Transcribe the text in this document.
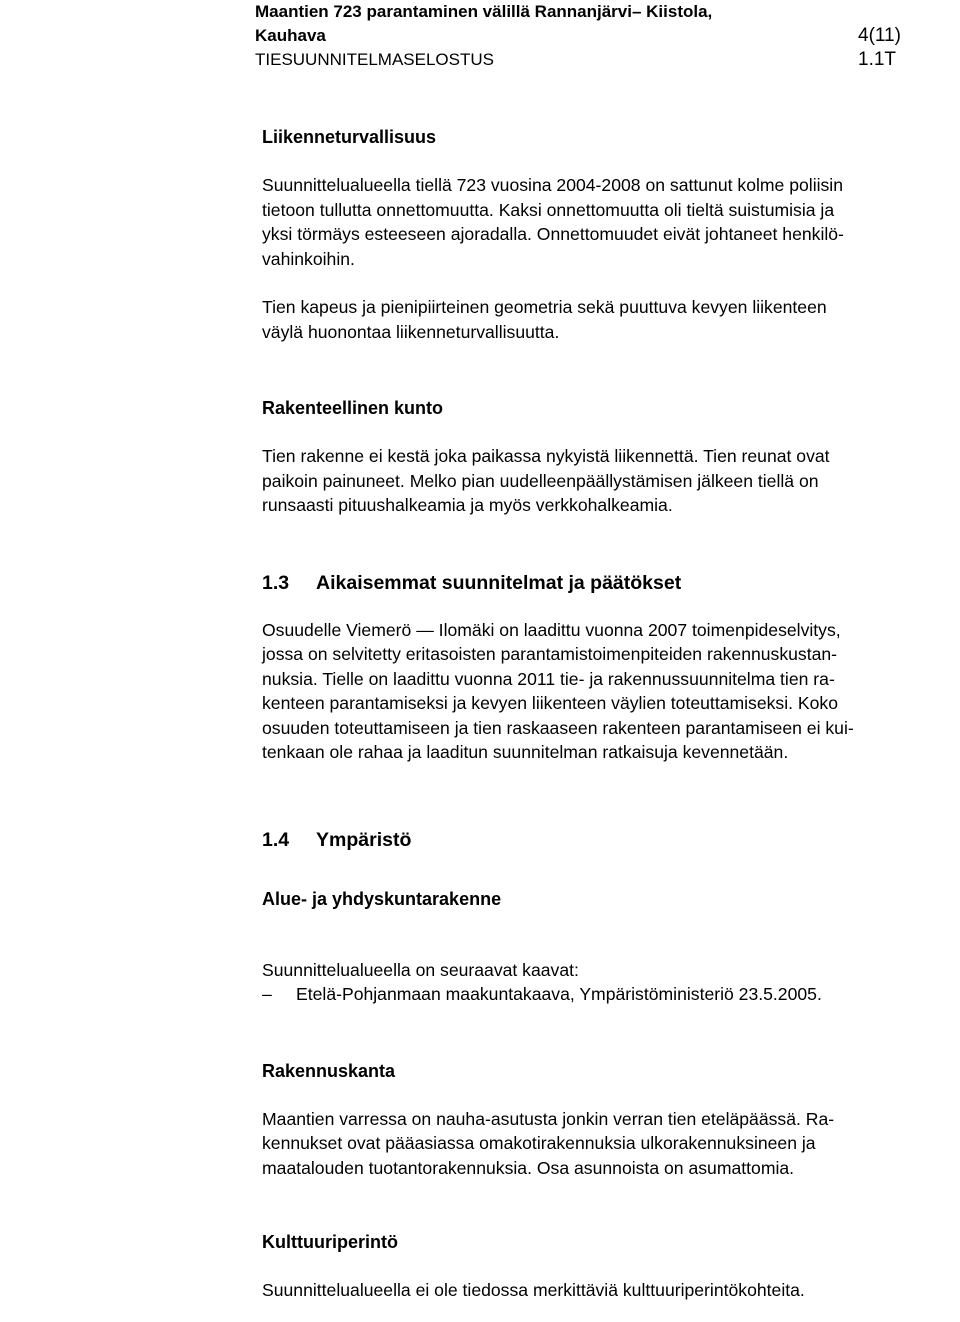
Maantien 723 parantaminen välillä Rannanjärvi– Kiistola,
Kauhava
TIESUUNNITELMASELOSTUS

4(11)
1.1T
Liikenneturvallisuus

Suunnittelualueella tiellä 723 vuosina 2004-2008 on sattunut kolme poliisin
tietoon tullutta onnettomuutta. Kaksi onnettomuutta oli tieltä suistumisia ja
yksi törmäys esteeseen ajoradalla. Onnettomuudet eivät johtaneet henkilö-
vahinkoihin.

Tien kapeus ja pienipiirteinen geometria sekä puuttuva kevyen liikenteen
väylä huonontaa liikenneturvallisuutta.

Rakenteellinen kunto

Tien rakenne ei kestä joka paikassa nykyistä liikennettä. Tien reunat ovat
paikoin painuneet. Melko pian uudelleenpäällystämisen jälkeen tiellä on
runsaasti pituushalkeamia ja myös verkkohalkeamia.

1.3 Aikaisemmat suunnitelmat ja päätökset

Osuudelle Viemerö — Ilomäki on laadittu vuonna 2007 toimenpideselvitys,
jossa on selvitetty eritasoisten parantamistoimenpiteiden rakennuskustan-
nuksia. Tielle on laadittu vuonna 2011 tie- ja rakennussuunnitelma tien ra-
kenteen parantamiseksi ja kevyen liikenteen väylien toteuttamiseksi. Koko
osuuden toteuttamiseen ja tien raskaaseen rakenteen parantamiseen ei kui-
tenkaan ole rahaa ja laaditun suunnitelman ratkaisuja kevennetään.

1.4 Ympäristö
Alue- ja yhdyskuntarakenne

Suunnittelualueella on seuraavat kaavat:

–	Etelä-Pohjanmaan maakuntakaava, Ympäristöministeriö 23.5.2005.
Rakennuskanta

Maantien varressa on nauha-asutusta jonkin verran tien eteläpäässä. Ra-
kennukset ovat pääasiassa omakotirakennuksia ulkorakennuksineen ja
maatalouden tuotantorakennuksia. Osa asunnoista on asumattomia.

Kulttuuriperintö

Suunnittelualueella ei ole tiedossa merkittäviä kulttuuriperintökohteita.
